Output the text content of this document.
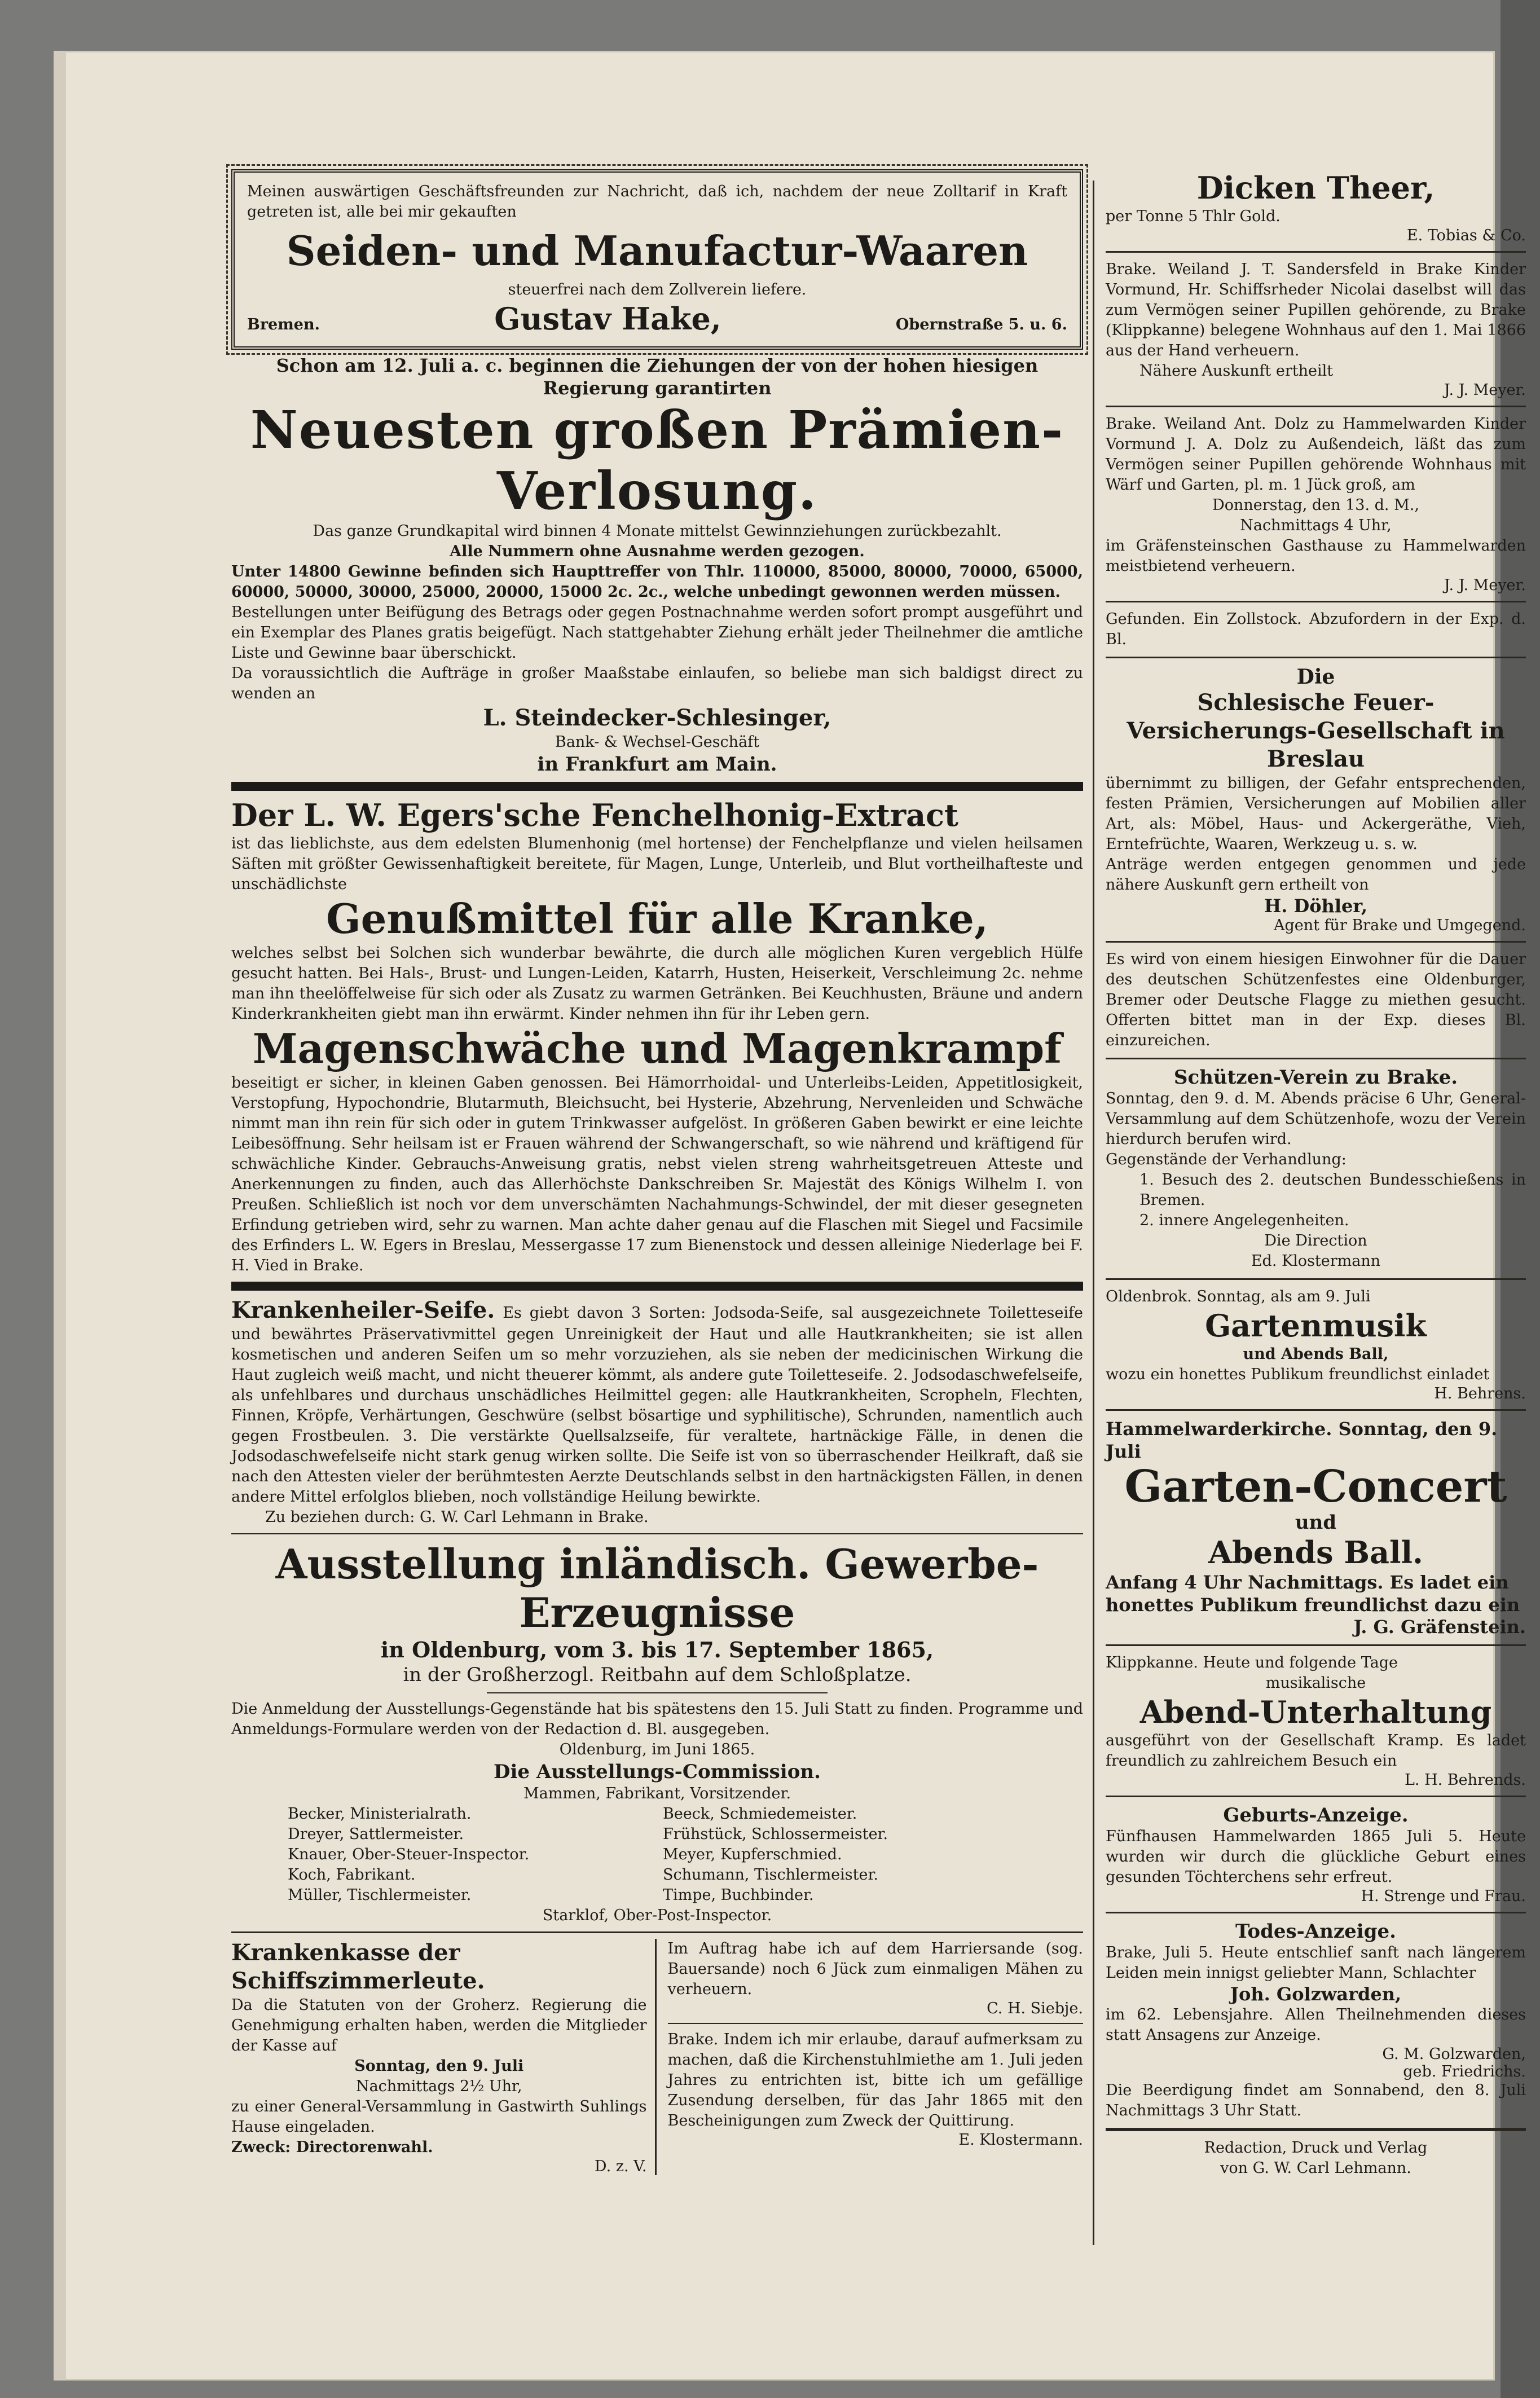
Meinen auswärtigen Geschäftsfreunden zur Nachricht, daß ich, nachdem der neue Zolltarif in Kraft getreten ist, alle bei mir gekauften

Seiden- und Manufactur-Waaren

steuerfrei nach dem Zollverein liefere.

Bremen.	Gustav Hake,	Obernstraße 5. u. 6.

Schon am 12. Juli a. c. beginnen die Ziehungen der von der hohen hiesigen Regierung garantirten

Neuesten großen Prämien-Verlosung.

Das ganze Grundkapital wird binnen 4 Monate mittelst Gewinnziehungen zurückbezahlt.

Alle Nummern ohne Ausnahme werden gezogen.

Unter 14800 Gewinne befinden sich Haupttreffer von Thlr. 110000, 85000, 80000, 70000, 65000, 60000, 50000, 30000, 25000, 20000, 15000 2c. 2c., welche unbedingt gewonnen werden müssen.

Bestellungen unter Beifügung des Betrags oder gegen Postnachnahme werden sofort prompt ausgeführt und ein Exemplar des Planes gratis beigefügt. Nach stattgehabter Ziehung erhält jeder Theilnehmer die amtliche Liste und Gewinne baar überschickt.

Da voraussichtlich die Aufträge in großer Maaßstabe einlaufen, so beliebe man sich baldigst direct zu wenden an

L. Steindecker-Schlesinger,

Bank- & Wechsel-Geschäft

in Frankfurt am Main.

Der L. W. Egers'sche Fenchelhonig-Extract

ist das lieblichste, aus dem edelsten Blumenhonig (mel hortense) der Fenchelpflanze und vielen heilsamen Säften mit größter Gewissenhaftigkeit bereitete, für Magen, Lunge, Unterleib, und Blut vortheilhafteste und unschädlichste

Genußmittel für alle Kranke,

welches selbst bei Solchen sich wunderbar bewährte, die durch alle möglichen Kuren vergeblich Hülfe gesucht hatten. Bei Hals-, Brust- und Lungen-Leiden, Katarrh, Husten, Heiserkeit, Verschleimung 2c. nehme man ihn theelöffelweise für sich oder als Zusatz zu warmen Getränken. Bei Keuchhusten, Bräune und andern Kinderkrankheiten giebt man ihn erwärmt. Kinder nehmen ihn für ihr Leben gern.

Magenschwäche und Magenkrampf

beseitigt er sicher, in kleinen Gaben genossen. Bei Hämorrhoidal- und Unterleibs-Leiden, Appetitlosigkeit, Verstopfung, Hypochondrie, Blutarmuth, Bleichsucht, bei Hysterie, Abzehrung, Nervenleiden und Schwäche nimmt man ihn rein für sich oder in gutem Trinkwasser aufgelöst. In größeren Gaben bewirkt er eine leichte Leibesöffnung. Sehr heilsam ist er Frauen während der Schwangerschaft, so wie nährend und kräftigend für schwächliche Kinder. Gebrauchs-Anweisung gratis, nebst vielen streng wahrheitsgetreuen Atteste und Anerkennungen zu finden, auch das Allerhöchste Dankschreiben Sr. Majestät des Königs Wilhelm I. von Preußen. Schließlich ist noch vor dem unverschämten Nachahmungs-Schwindel, der mit dieser gesegneten Erfindung getrieben wird, sehr zu warnen. Man achte daher genau auf die Flaschen mit Siegel und Facsimile des Erfinders L. W. Egers in Breslau, Messergasse 17 zum Bienenstock und dessen alleinige Niederlage bei F. H. Vied in Brake.

Krankenheiler-Seife. Es giebt davon 3 Sorten: Jodsoda-Seife, sal ausgezeichnete Toiletteseife und bewährtes Präservativmittel gegen Unreinigkeit der Haut und alle Hautkrankheiten; sie ist allen kosmetischen und anderen Seifen um so mehr vorzuziehen, als sie neben der medicinischen Wirkung die Haut zugleich weiß macht, und nicht theuerer kömmt, als andere gute Toiletteseife. 2. Jodsodaschwefelseife, als unfehlbares und durchaus unschädliches Heilmittel gegen: alle Hautkrankheiten, Scropheln, Flechten, Finnen, Kröpfe, Verhärtungen, Geschwüre (selbst bösartige und syphilitische), Schrunden, namentlich auch gegen Frostbeulen. 3. Die verstärkte Quellsalzseife, für veraltete, hartnäckige Fälle, in denen die Jodsodaschwefelseife nicht stark genug wirken sollte. Die Seife ist von so überraschender Heilkraft, daß sie nach den Attesten vieler der berühmtesten Aerzte Deutschlands selbst in den hartnäckigsten Fällen, in denen andere Mittel erfolglos blieben, noch vollständige Heilung bewirkte.

Zu beziehen durch: G. W. Carl Lehmann in Brake.

Ausstellung inländisch. Gewerbe-Erzeugnisse

in Oldenburg, vom 3. bis 17. September 1865,

in der Großherzogl. Reitbahn auf dem Schloßplatze.

Die Anmeldung der Ausstellungs-Gegenstände hat bis spätestens den 15. Juli Statt zu finden. Programme und Anmeldungs-Formulare werden von der Redaction d. Bl. ausgegeben.

Oldenburg, im Juni 1865.

Die Ausstellungs-Commission.

Mammen, Fabrikant, Vorsitzender.

Becker, Ministerialrath.

Dreyer, Sattlermeister.

Knauer, Ober-Steuer-Inspector.

Koch, Fabrikant.

Müller, Tischlermeister.

Beeck, Schmiedemeister.

Frühstück, Schlossermeister.

Meyer, Kupferschmied.

Schumann, Tischlermeister.

Timpe, Buchbinder.

Starklof, Ober-Post-Inspector.

Krankenkasse der Schiffszimmerleute.

Da die Statuten von der Groherz. Regierung die Genehmigung erhalten haben, werden die Mitglieder der Kasse auf

Sonntag, den 9. Juli

Nachmittags 2½ Uhr,

zu einer General-Versammlung in Gastwirth Suhlings Hause eingeladen.

Zweck: Directorenwahl.

D. z. V.

Im Auftrag habe ich auf dem Harriersande (sog. Bauersande) noch 6 Jück zum einmaligen Mähen zu verheuern.

C. H. Siebje.

Brake. Indem ich mir erlaube, darauf aufmerksam zu machen, daß die Kirchenstuhlmiethe am 1. Juli jeden Jahres zu entrichten ist, bitte ich um gefällige Zusendung derselben, für das Jahr 1865 mit den Bescheinigungen zum Zweck der Quittirung.

E. Klostermann.

Dicken Theer,

per Tonne 5 Thlr Gold.

E. Tobias & Co.

Brake. Weiland J. T. Sandersfeld in Brake Kinder Vormund, Hr. Schiffsrheder Nicolai daselbst will das zum Vermögen seiner Pupillen gehörende, zu Brake (Klippkanne) belegene Wohnhaus auf den 1. Mai 1866 aus der Hand verheuern.

Nähere Auskunft ertheilt

J. J. Meyer.

Brake. Weiland Ant. Dolz zu Hammelwarden Kinder Vormund J. A. Dolz zu Außendeich, läßt das zum Vermögen seiner Pupillen gehörende Wohnhaus mit Wärf und Garten, pl. m. 1 Jück groß, am

Donnerstag, den 13. d. M.,

Nachmittags 4 Uhr,

im Gräfensteinschen Gasthause zu Hammelwarden meistbietend verheuern.

J. J. Meyer.

Gefunden. Ein Zollstock. Abzufordern in der Exp. d. Bl.

Die

Schlesische Feuer-Versicherungs-Gesellschaft in Breslau

übernimmt zu billigen, der Gefahr entsprechenden, festen Prämien, Versicherungen auf Mobilien aller Art, als: Möbel, Haus- und Ackergeräthe, Vieh, Erntefrüchte, Waaren, Werkzeug u. s. w.

Anträge werden entgegen genommen und jede nähere Auskunft gern ertheilt von

H. Döhler,

Agent für Brake und Umgegend.

Es wird von einem hiesigen Einwohner für die Dauer des deutschen Schützenfestes eine Oldenburger, Bremer oder Deutsche Flagge zu miethen gesucht. Offerten bittet man in der Exp. dieses Bl. einzureichen.

Schützen-Verein zu Brake.

Sonntag, den 9. d. M. Abends präcise 6 Uhr, General-Versammlung auf dem Schützenhofe, wozu der Verein hierdurch berufen wird.

Gegenstände der Verhandlung:

1. Besuch des 2. deutschen Bundesschießens in Bremen.

2. innere Angelegenheiten.

Die Direction

Ed. Klostermann

Oldenbrok. Sonntag, als am 9. Juli

Gartenmusik

und Abends Ball,

wozu ein honettes Publikum freundlichst einladet

H. Behrens.

Hammelwarderkirche. Sonntag, den 9. Juli

Garten-Concert

und

Abends Ball.

Anfang 4 Uhr Nachmittags. Es ladet ein honettes Publikum freundlichst dazu ein

J. G. Gräfenstein.

Klippkanne. Heute und folgende Tage

musikalische

Abend-Unterhaltung

ausgeführt von der Gesellschaft Kramp. Es ladet freundlich zu zahlreichem Besuch ein

L. H. Behrends.

Geburts-Anzeige.

Fünfhausen Hammelwarden 1865 Juli 5. Heute wurden wir durch die glückliche Geburt eines gesunden Töchterchens sehr erfreut.

H. Strenge und Frau.

Todes-Anzeige.

Brake, Juli 5. Heute entschlief sanft nach längerem Leiden mein innigst geliebter Mann, Schlachter

Joh. Golzwarden,

im 62. Lebensjahre. Allen Theilnehmenden dieses statt Ansagens zur Anzeige.

G. M. Golzwarden,

geb. Friedrichs.

Die Beerdigung findet am Sonnabend, den 8. Juli Nachmittags 3 Uhr Statt.

Redaction, Druck und Verlag

von G. W. Carl Lehmann.
